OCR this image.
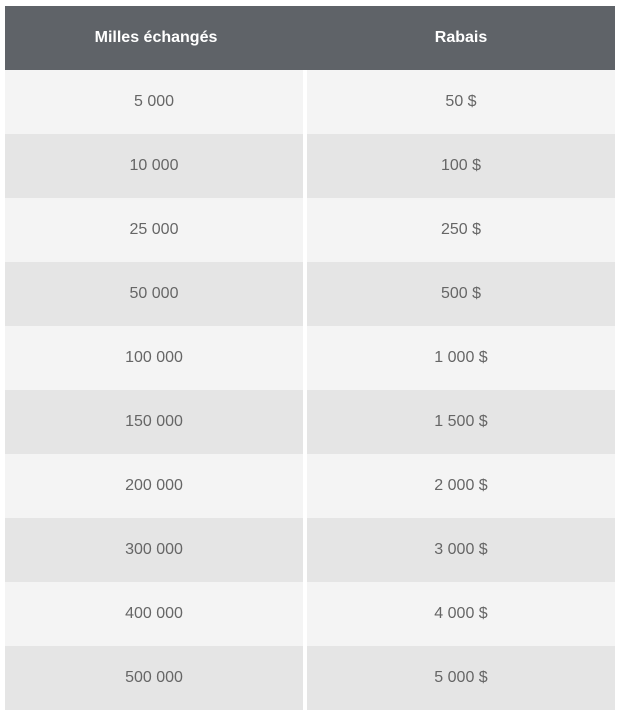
Milles échangés	Rabais
5 000	50 $
10 000	100 $
25 000	250 $
50 000	500 $
100 000	1 000 $
150 000	1 500 $
200 000	2 000 $
300 000	3 000 $
400 000	4 000 $
500 000	5 000 $
